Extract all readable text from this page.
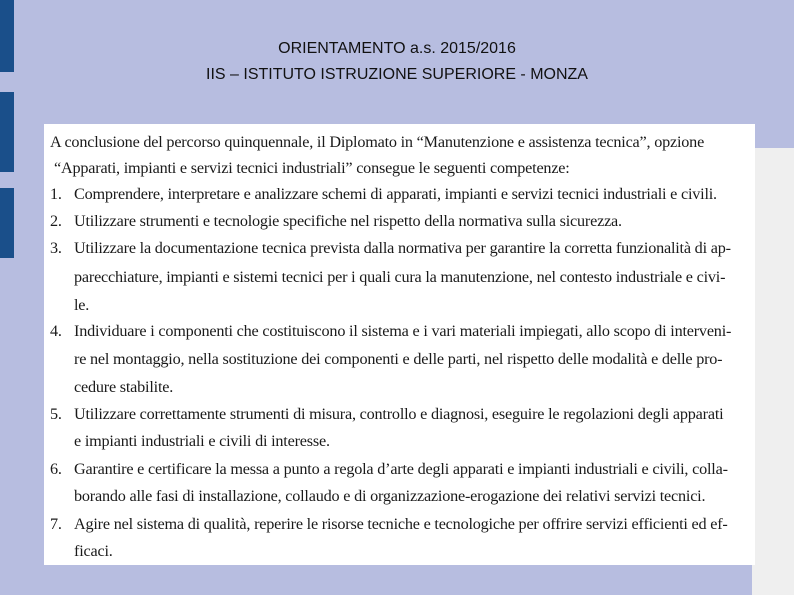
ORIENTAMENTO a.s. 2015/2016
IIS – ISTITUTO ISTRUZIONE SUPERIORE - MONZA
A conclusione del percorso quinquennale, il Diplomato in “Manutenzione e assistenza tecnica”, opzione
“Apparati, impianti e servizi tecnici industriali” consegue le seguenti competenze:
1. Comprendere, interpretare e analizzare schemi di apparati, impianti e servizi tecnici industriali e civili.
2. Utilizzare strumenti e tecnologie specifiche nel rispetto della normativa sulla sicurezza.
3. Utilizzare la documentazione tecnica prevista dalla normativa per garantire la corretta funzionalità di ap-
parecchiature, impianti e sistemi tecnici per i quali cura la manutenzione, nel contesto industriale e civi-
le.
4. Individuare i componenti che costituiscono il sistema e i vari materiali impiegati, allo scopo di interveni-
re nel montaggio, nella sostituzione dei componenti e delle parti, nel rispetto delle modalità e delle pro-
cedure stabilite.
5. Utilizzare correttamente strumenti di misura, controllo e diagnosi, eseguire le regolazioni degli apparati
e impianti industriali e civili di interesse.
6. Garantire e certificare la messa a punto a regola d’arte degli apparati e impianti industriali e civili, colla-
borando alle fasi di installazione, collaudo e di organizzazione-erogazione dei relativi servizi tecnici.
7. Agire nel sistema di qualità, reperire le risorse tecniche e tecnologiche per offrire servizi efficienti ed ef-
ficaci.
